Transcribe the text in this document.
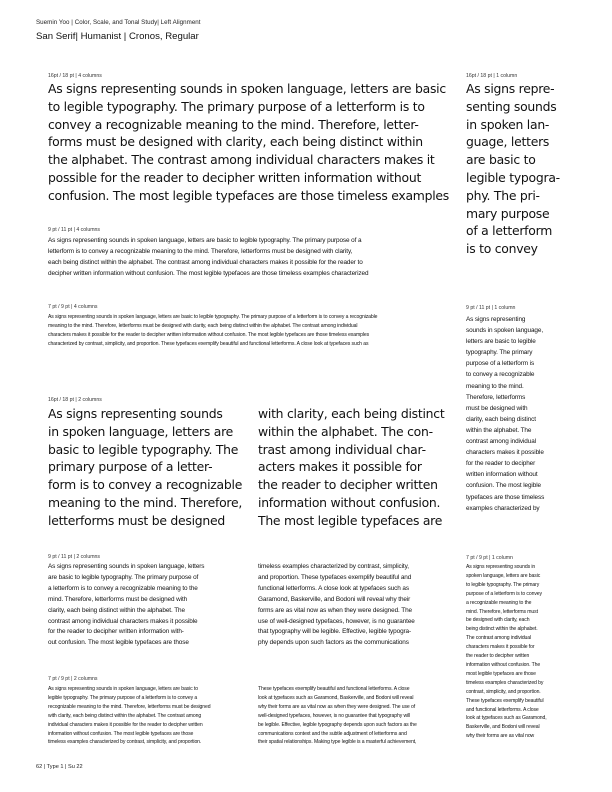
Suemin Yoo | Color, Scale, and Tonal Study| Left Alignment
San Serif| Humanist | Cronos, Regular
16pt / 18 pt | 4 columns
As signs representing sounds in spoken language, letters are basic
to legible typography. The primary purpose of a letterform is to
convey a recognizable meaning to the mind. Therefore, letter-
forms must be designed with clarity, each being distinct within
the alphabet. The contrast among individual characters makes it
possible for the reader to decipher written information without
confusion. The most legible typefaces are those timeless examples
16pt / 18 pt | 1 column
As signs repre-
senting sounds
in spoken lan-
guage, letters
are basic to
legible typogra-
phy. The pri-
mary purpose
of a letterform
is to convey
9 pt / 11 pt | 4 columns
As signs representing sounds in spoken language, letters are basic to legible typography. The primary purpose of a
letterform is to convey a recognizable meaning to the mind. Therefore, letterforms must be designed with clarity,
each being distinct within the alphabet. The contrast among individual characters makes it possible for the reader to
decipher written information without confusion. The most legible typefaces are those timeless examples characterized
7 pt / 9 pt | 4 columns
As signs representing sounds in spoken language, letters are basic to legible typography. The primary purpose of a letterform is to convey a recognizable
meaning to the mind. Therefore, letterforms must be designed with clarity, each being distinct within the alphabet. The contrast among individual
characters makes it possible for the reader to decipher written information without confusion. The most legible typefaces are those timeless examples
characterized by contrast, simplicity, and proportion. These typefaces exemplify beautiful and functional letterforms. A close look at typefaces such as
9 pt / 11 pt | 1 column
As signs representing
sounds in spoken language,
letters are basic to legible
typography. The primary
purpose of a letterform is
to convey a recognizable
meaning to the mind.
Therefore, letterforms
must be designed with
clarity, each being distinct
within the alphabet. The
contrast among individual
characters makes it possible
for the reader to decipher
written information without
confusion. The most legible
typefaces are those timeless
examples characterized by
16pt / 18 pt | 2 columns
As signs representing sounds
in spoken language, letters are
basic to legible typography. The
primary purpose of a letter-
form is to convey a recognizable
meaning to the mind. Therefore,
letterforms must be designed
with clarity, each being distinct
within the alphabet. The con-
trast among individual char-
acters makes it possible for
the reader to decipher written
information without confusion.
The most legible typefaces are
9 pt / 11 pt | 2 columns
As signs representing sounds in spoken language, letters
are basic to legible typography. The primary purpose of
a letterform is to convey a recognizable meaning to the
mind. Therefore, letterforms must be designed with
clarity, each being distinct within the alphabet. The
contrast among individual characters makes it possible
for the reader to decipher written information with-
out confusion. The most legible typefaces are those
timeless examples characterized by contrast, simplicity,
and proportion. These typefaces exemplify beautiful and
functional letterforms. A close look at typefaces such as
Garamond, Baskerville, and Bodoni will reveal why their
forms are as vital now as when they were designed. The
use of well-designed typefaces, however, is no guarantee
that typography will be legible. Effective, legible typogra-
phy depends upon such factors as the communications
7 pt / 9 pt | 1 column
As signs representing sounds in
spoken language, letters are basic
to legible typography. The primary
purpose of a letterform is to convey
a recognizable meaning to the
mind. Therefore, letterforms must
be designed with clarity, each
being distinct within the alphabet.
The contrast among individual
characters makes it possible for
the reader to decipher written
information without confusion. The
most legible typefaces are those
timeless examples characterized by
contrast, simplicity, and proportion.
These typefaces exemplify beautiful
and functional letterforms. A close
look at typefaces such as Garamond,
Baskerville, and Bodoni will reveal
why their forms are as vital now
7 pt / 9 pt | 2 columns
As signs representing sounds in spoken language, letters are basic to
legible typography. The primary purpose of a letterform is to convey a
recognizable meaning to the mind. Therefore, letterforms must be designed
with clarity, each being distinct within the alphabet. The contrast among
individual characters makes it possible for the reader to decipher written
information without confusion. The most legible typefaces are those
timeless examples characterized by contrast, simplicity, and proportion.
These typefaces exemplify beautiful and functional letterforms. A close
look at typefaces such as Garamond, Baskerville, and Bodoni will reveal
why their forms are as vital now as when they were designed. The use of
well-designed typefaces, however, is no guarantee that typography will
be legible. Effective, legible typography depends upon such factors as the
communications context and the subtle adjustment of letterforms and
their spatial relationships. Making type legible is a masterful achievement,
62 | Type 1 | Su 22
